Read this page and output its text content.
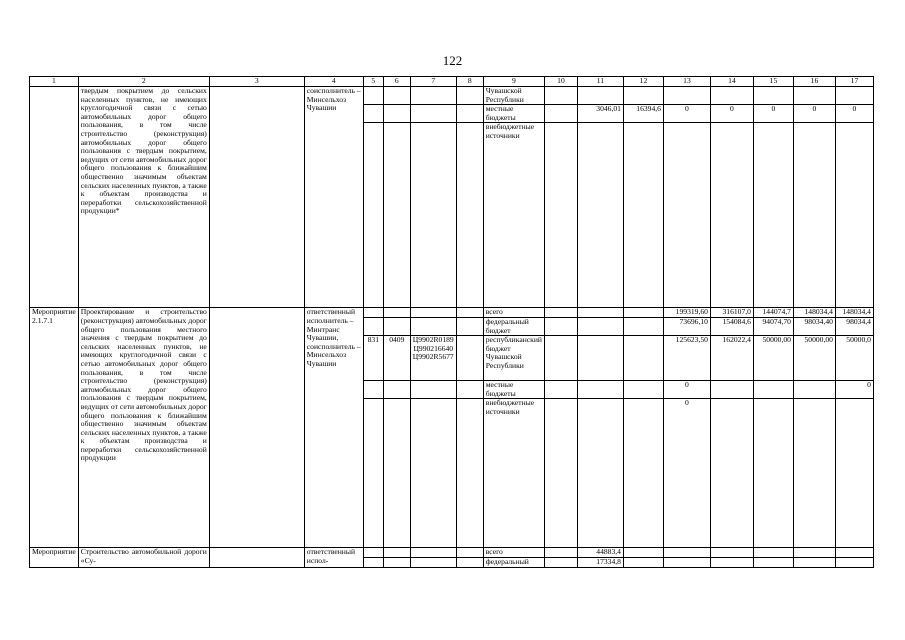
122
1	2	3	4	5	6	7	8	9	10	11	12	13	14	15	16	17
	твердым покрытием до сельских населенных пунктов, не имеющих круглогодичной связи с сетью автомобильных дорог общего пользования, в том числе строительство (реконструкция) автомобильных дорог общего пользования с твердым покрытием, ведущих от сети автомобильных дорог общего пользования к ближайшим общественно значимым объектам сельских населенных пунктов, а также к объектам производства и переработки сельскохозяйственной продукции*		соисполнитель – Минсельхоз Чувашии					Чувашской Республики								
								местные бюджеты		3046,01	16394,6	0	0	0	0	0
								внебюджетные источники								
Мероприятие 2.1.7.1	Проектирование и строительство (реконструкция) автомобильных дорог общего пользования местного значения с твердым покрытием до сельских населенных пунктов, не имеющих круглогодичной связи с сетью автомобильных дорог общего пользования, в том числе строительство (реконструкция) автомобильных дорог общего пользования с твердым покрытием, ведущих от сети автомобильных дорог общего пользования к ближайшим общественно значимым объектам сельских населенных пунктов, а также к объектам производства и переработки сельскохозяйственной продукции		ответственный исполнитель – Минтранс Чувашии, соисполнитель – Минсельхоз Чувашии					всего				199319,60	316107,0	144074,7	148034,4	148034,4
								федеральный бюджет				73696,10	154084,6	94074,70	98034,40	98034,4
				831	0409	Ц9902R0189 Ц990216640 Ц9902R5677		республиканский бюджет Чувашской Республики				125623,50	162022,4	50000,00	50000,00	50000,0
								местные бюджеты				0				0
								внебюджетные источники				0				
Мероприятие	Строительство автомобильной дороги «Су-		ответственный испол-					всего		44883,4						
								федеральный		17334,8						
